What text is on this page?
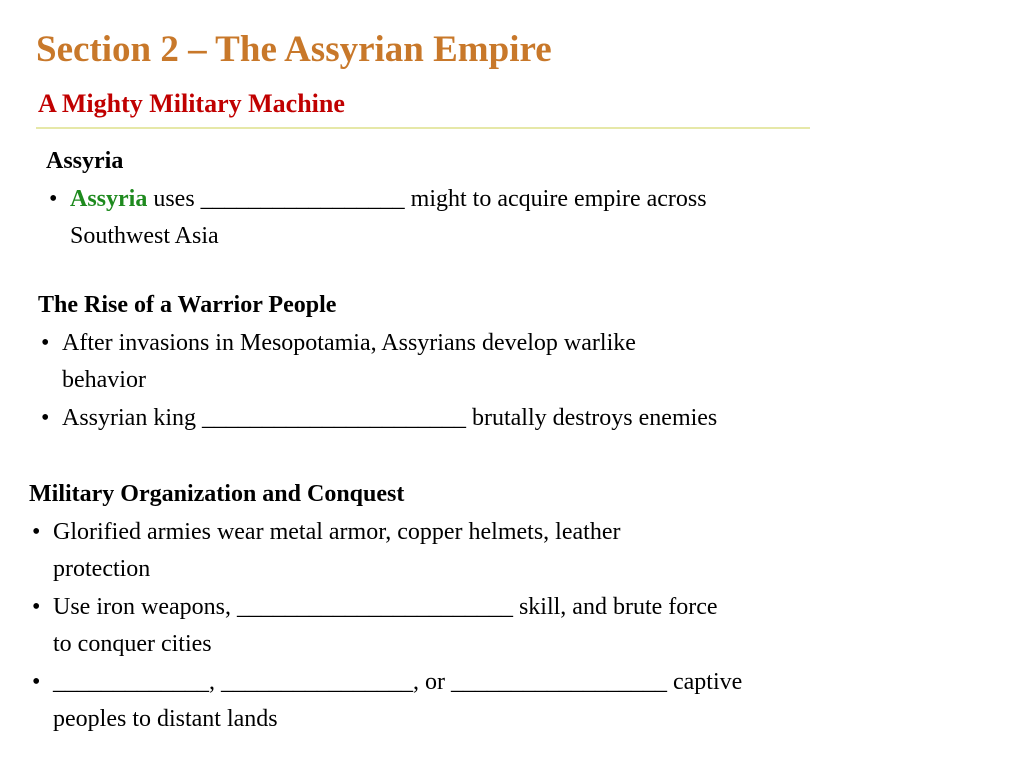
Section 2 – The Assyrian Empire
A Mighty Military Machine
Assyria
• Assyria uses _________________ might to acquire empire across
Southwest Asia
The Rise of a Warrior People
• After invasions in Mesopotamia, Assyrians develop warlike
behavior
• Assyrian king ______________________ brutally destroys enemies
Military Organization and Conquest
• Glorified armies wear metal armor, copper helmets, leather
protection
• Use iron weapons, _______________________ skill, and brute force
to conquer cities
• _____________, ________________, or __________________ captive
peoples to distant lands
